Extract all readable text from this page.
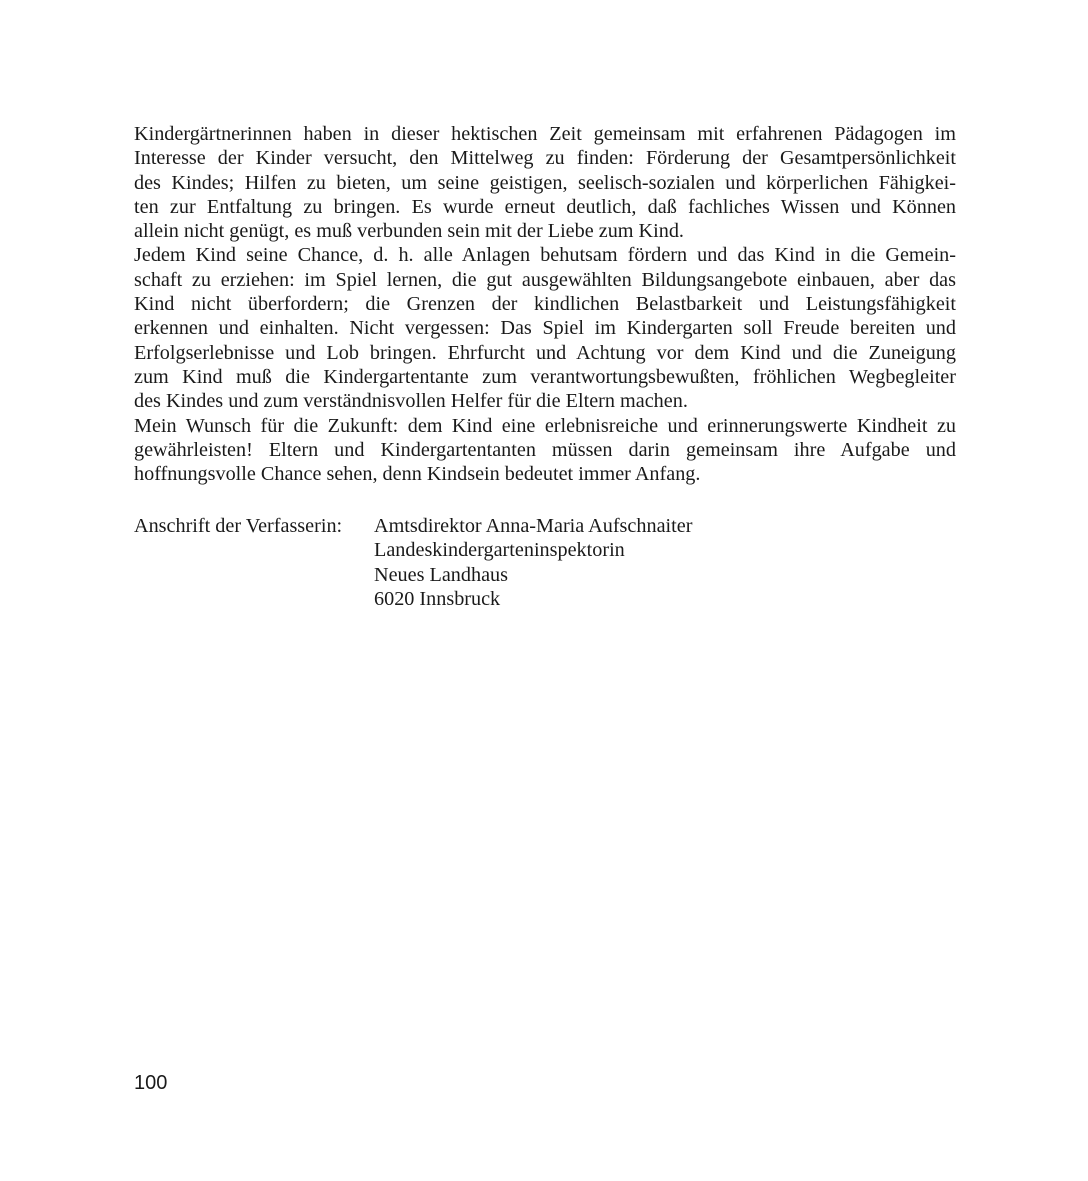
Kindergärtnerinnen haben in dieser hektischen Zeit gemeinsam mit erfahrenen Pädagogen im
Interesse der Kinder versucht, den Mittelweg zu finden: Förderung der Gesamtpersönlichkeit
des Kindes; Hilfen zu bieten, um seine geistigen, seelisch-sozialen und körperlichen Fähigkei-
ten zur Entfaltung zu bringen. Es wurde erneut deutlich, daß fachliches Wissen und Können
allein nicht genügt, es muß verbunden sein mit der Liebe zum Kind.
Jedem Kind seine Chance, d. h. alle Anlagen behutsam fördern und das Kind in die Gemein-
schaft zu erziehen: im Spiel lernen, die gut ausgewählten Bildungsangebote einbauen, aber das
Kind nicht überfordern; die Grenzen der kindlichen Belastbarkeit und Leistungsfähigkeit
erkennen und einhalten. Nicht vergessen: Das Spiel im Kindergarten soll Freude bereiten und
Erfolgserlebnisse und Lob bringen. Ehrfurcht und Achtung vor dem Kind und die Zuneigung
zum Kind muß die Kindergartentante zum verantwortungsbewußten, fröhlichen Wegbegleiter
des Kindes und zum verständnisvollen Helfer für die Eltern machen.
Mein Wunsch für die Zukunft: dem Kind eine erlebnisreiche und erinnerungswerte Kindheit zu
gewährleisten! Eltern und Kindergartentanten müssen darin gemeinsam ihre Aufgabe und
hoffnungsvolle Chance sehen, denn Kindsein bedeutet immer Anfang.
Anschrift der Verfasserin: Amtsdirektor Anna-Maria Aufschnaiter
Landeskindergarteninspektorin
Neues Landhaus
6020 Innsbruck
100
